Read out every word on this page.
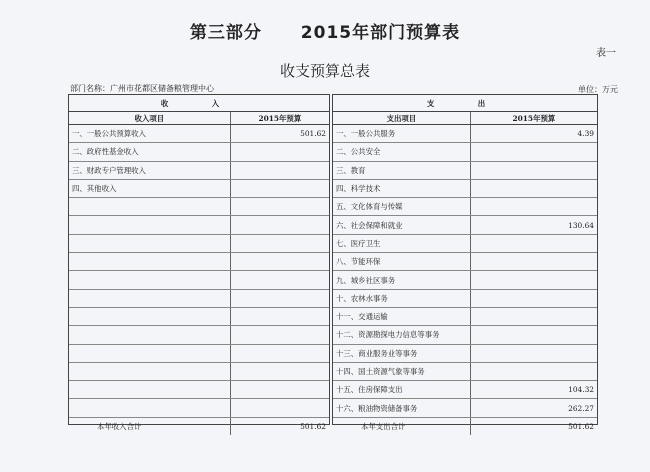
第三部分 2015年部门预算表
表一
收支预算总表
部门名称：广州市花都区储备粮管理中心	单位：万元
收　入	
收入项目	2015年预算
一、一般公共预算收入	501.62
二、政府性基金收入	
三、财政专户管理收入	
四、其他收入	

本年收入合计	501.62
支　出	
支出项目	2015年预算
一、一般公共服务	4.39
二、公共安全	
三、教育	
四、科学技术	
五、文化体育与传媒	
六、社会保障和就业	130.64
七、医疗卫生	
八、节能环保	
九、城乡社区事务	
十、农林水事务	
十一、交通运输	
十二、资源勘探电力信息等事务	
十三、商业服务业等事务	
十四、国土资源气象等事务	
十五、住房保障支出	104.32
十六、粮油物资储备事务	262.27
本年支出合计	501.62
